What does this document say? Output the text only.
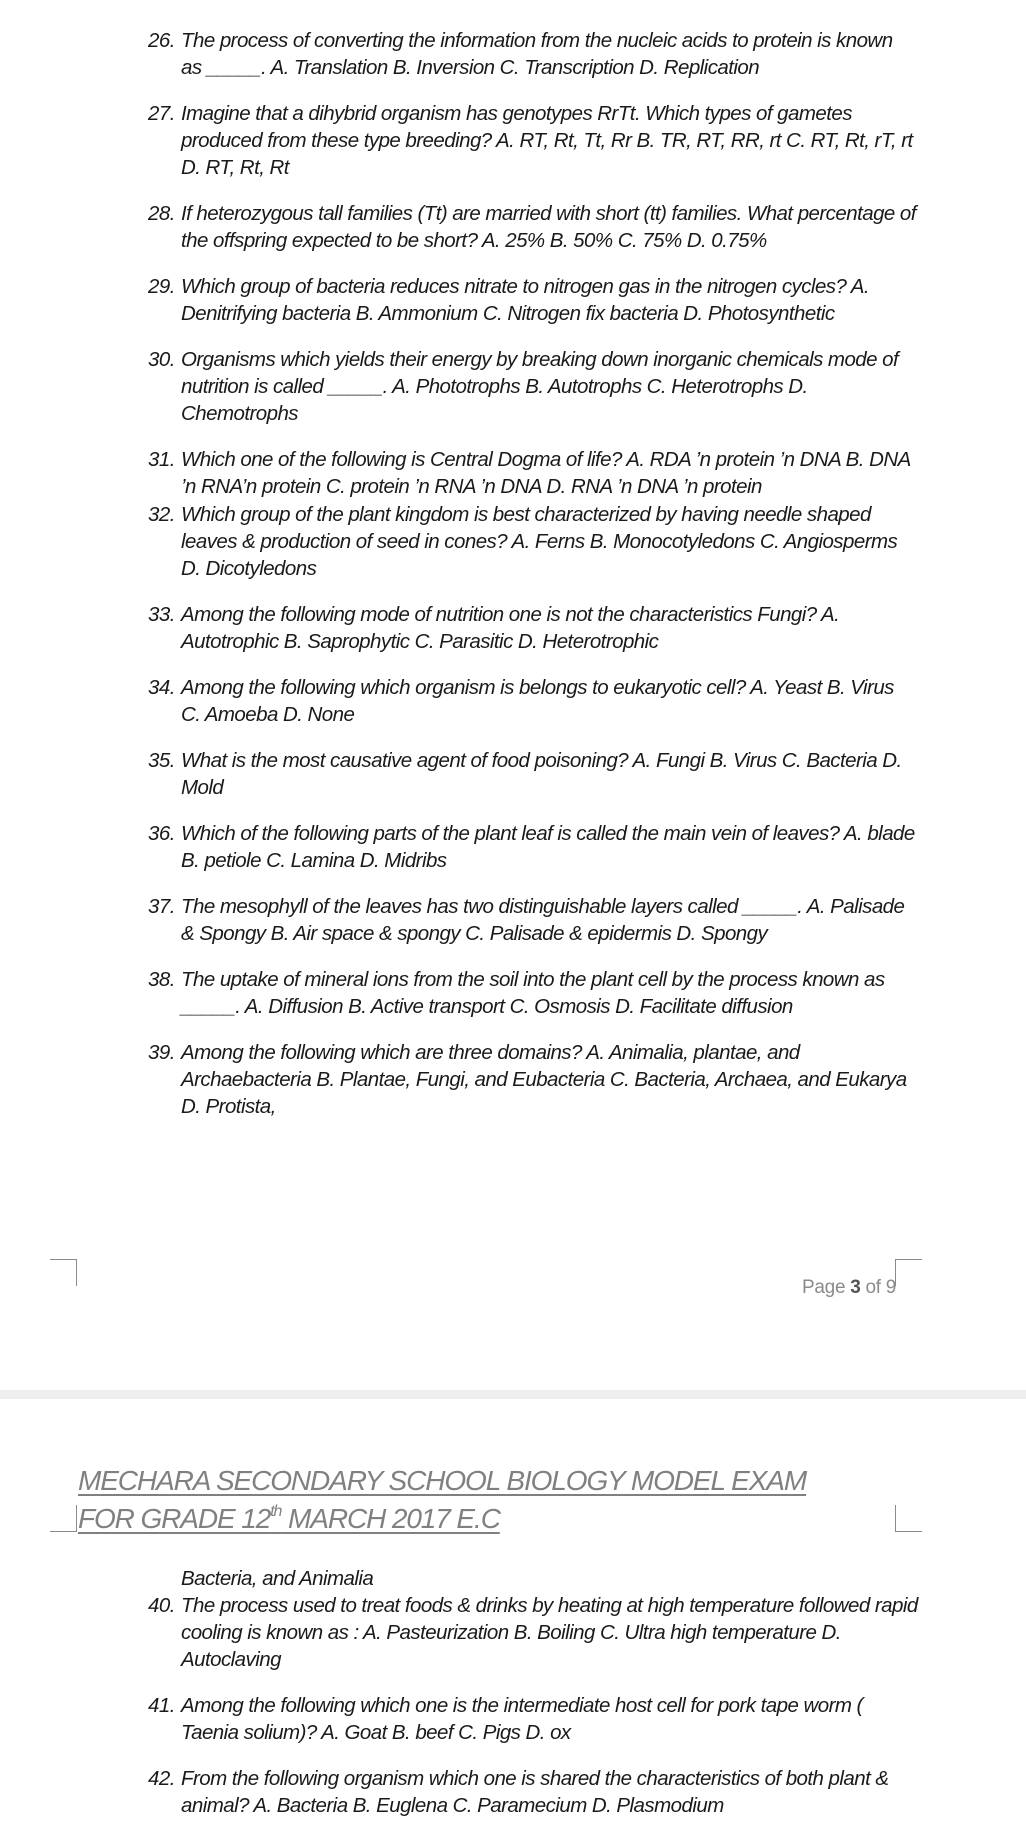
26. The process of converting the information from the nucleic acids to protein is known as _____. A. Translation B. Inversion C. Transcription D. Replication
27. Imagine that a dihybrid organism has genotypes RrTt. Which types of gametes produced from these type breeding? A. RT, Rt, Tt, Rr B. TR, RT, RR, rt C. RT, Rt, rT, rt D. RT, Rt, Rt
28. If heterozygous tall families (Tt) are married with short (tt) families. What percentage of the offspring expected to be short? A. 25% B. 50% C. 75% D. 0.75%
29. Which group of bacteria reduces nitrate to nitrogen gas in the nitrogen cycles? A. Denitrifying bacteria B. Ammonium C. Nitrogen fix bacteria D. Photosynthetic
30. Organisms which yields their energy by breaking down inorganic chemicals mode of nutrition is called _____. A. Phototrophs B. Autotrophs C. Heterotrophs D. Chemotrophs
31. Which one of the following is Central Dogma of life? A. RDA ’n protein ’n DNA B. DNA ’n RNA’n protein C. protein ’n RNA ’n DNA D. RNA ’n DNA ’n protein
32. Which group of the plant kingdom is best characterized by having needle shaped leaves & production of seed in cones? A. Ferns B. Monocotyledons C. Angiosperms D. Dicotyledons
33. Among the following mode of nutrition one is not the characteristics Fungi? A. Autotrophic B. Saprophytic C. Parasitic D. Heterotrophic
34. Among the following which organism is belongs to eukaryotic cell? A. Yeast B. Virus C. Amoeba D. None
35. What is the most causative agent of food poisoning? A. Fungi B. Virus C. Bacteria D. Mold
36. Which of the following parts of the plant leaf is called the main vein of leaves? A. blade B. petiole C. Lamina D. Midribs
37. The mesophyll of the leaves has two distinguishable layers called _____. A. Palisade & Spongy B. Air space & spongy C. Palisade & epidermis D. Spongy
38. The uptake of mineral ions from the soil into the plant cell by the process known as _____. A. Diffusion B. Active transport C. Osmosis D. Facilitate diffusion
39. Among the following which are three domains? A. Animalia, plantae, and Archaebacteria B. Plantae, Fungi, and Eubacteria C. Bacteria, Archaea, and Eukarya D. Protista,
Page 3 of 9
MECHARA SECONDARY SCHOOL BIOLOGY MODEL EXAM
FOR GRADE 12th MARCH 2017 E.C
Bacteria, and Animalia
40. The process used to treat foods & drinks by heating at high temperature followed rapid cooling is known as : A. Pasteurization B. Boiling C. Ultra high temperature D. Autoclaving
41. Among the following which one is the intermediate host cell for pork tape worm ( Taenia solium)? A. Goat B. beef C. Pigs D. ox
42. From the following organism which one is shared the characteristics of both plant & animal? A. Bacteria B. Euglena C. Paramecium D. Plasmodium
